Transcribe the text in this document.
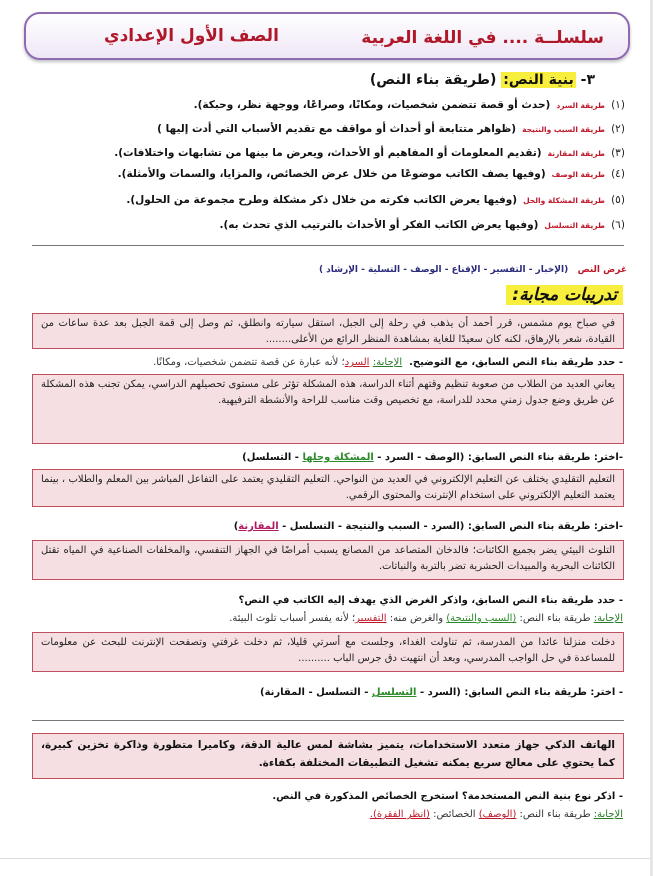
سلسلــة .... في اللغة العربية
الصف الأول الإعدادي
٣- بنية النص: (طريقة بناء النص)
(١)طريقة السرد(حدث أو قصة تتضمن شخصيات، ومكانًا، وصراعًا، ووجهة نظر، وحبكة).
(٢)طريقة السبب والنتيجة(ظواهر متتابعة أو أحداث أو مواقف مع تقديم الأسباب التي أدت إليها )
(٣)طريقة المقارنة(تقديم المعلومات أو المفاهيم أو الأحداث، ويعرض ما بينها من تشابهات واختلافات).
(٤)طريقة الوصف(وفيها يصف الكاتب موضوعًا من خلال عرض الخصائص، والمزايا، والسمات والأمثلة).
(٥)طريقة المشكلة والحل(وفيها يعرض الكاتب فكرته من خلال ذكر مشكلة وطرح مجموعة من الحلول).
(٦)طريقة التسلسل(وفيها يعرض الكاتب الفكر أو الأحداث بالترتيب الذي تحدث به).
غرض النص   (الإخبار - التفسير - الإقناع - الوصف - التسلية - الإرشاد )
تدريبات مجابة:
في صباح يوم مشمس، قرر أحمد أن يذهب في رحلة إلى الجبل، استقل سيارته وانطلق، ثم وصل إلى قمة الجبل بعد عدة ساعات من القيادة، شعر بالإرهاق، لكنه كان سعيدًا للغاية بمشاهدة المنظر الرائع من الأعلى........
- حدد طريقة بناء النص السابق، مع التوضيح.  الإجابة: السرد؛ لأنه عبارة عن قصة تتضمن شخصيات، ومكانًا.
يعاني العديد من الطلاب من صعوبة تنظيم وقتهم أثناء الدراسة، هذه المشكلة تؤثر على مستوى تحصيلهم الدراسي، يمكن تجنب هذه المشكلة عن طريق وضع جدول زمني محدد للدراسة، مع تخصيص وقت مناسب للراحة والأنشطة الترفيهية.
-اختر: طريقة بناء النص السابق: (الوصف - السرد - المشكلة وحلها - التسلسل)
التعليم التقليدي يختلف عن التعليم الإلكتروني في العديد من النواحي. التعليم التقليدي يعتمد على التفاعل المباشر بين المعلم والطلاب ، بينما يعتمد التعليم الإلكتروني على استخدام الإنترنت والمحتوى الرقمي.
-اختر: طريقة بناء النص السابق: (السرد - السبب والنتيجة - التسلسل - المقارنة)
التلوث البيئي يضر بجميع الكائنات؛ فالدخان المتصاعد من المصانع يسبب أمراضًا في الجهاز التنفسي، والمخلفات الصناعية في المياه تقتل الكائنات البحرية والمبيدات الحشرية تضر بالتربة والنباتات.
- حدد طريقة بناء النص السابق، واذكر الغرض الذي يهدف إليه الكاتب في النص؟
الإجابة: طريقة بناء النص: (السبب والنتيجة) والغرض منه: التفسير؛ لأنه يفسر أسباب تلوث البيئة.
دخلت منزلنا عائدا من المدرسة، ثم تناولت الغداء، وجلست مع أسرتي قليلا، ثم دخلت غرفتي وتصفحت الإنترنت للبحث عن معلومات للمساعدة في حل الواجب المدرسي، وبعد أن انتهيت دق جرس الباب ..........
- اختر: طريقة بناء النص السابق: (السرد - التسلسل - التسلسل - المقارنة)
الهاتف الذكي جهاز متعدد الاستخدامات، يتميز بشاشة لمس عالية الدقة، وكاميرا متطورة وذاكرة تخزين كبيرة، كما يحتوي على معالج سريع يمكنه تشغيل التطبيقات المختلفة بكفاءة.
- اذكر نوع بنية النص المستخدمة؟ استخرج الخصائص المذكورة في النص.
الإجابة: طريقة بناء النص: (الوصف) الخصائص: (انظر الفقرة).
